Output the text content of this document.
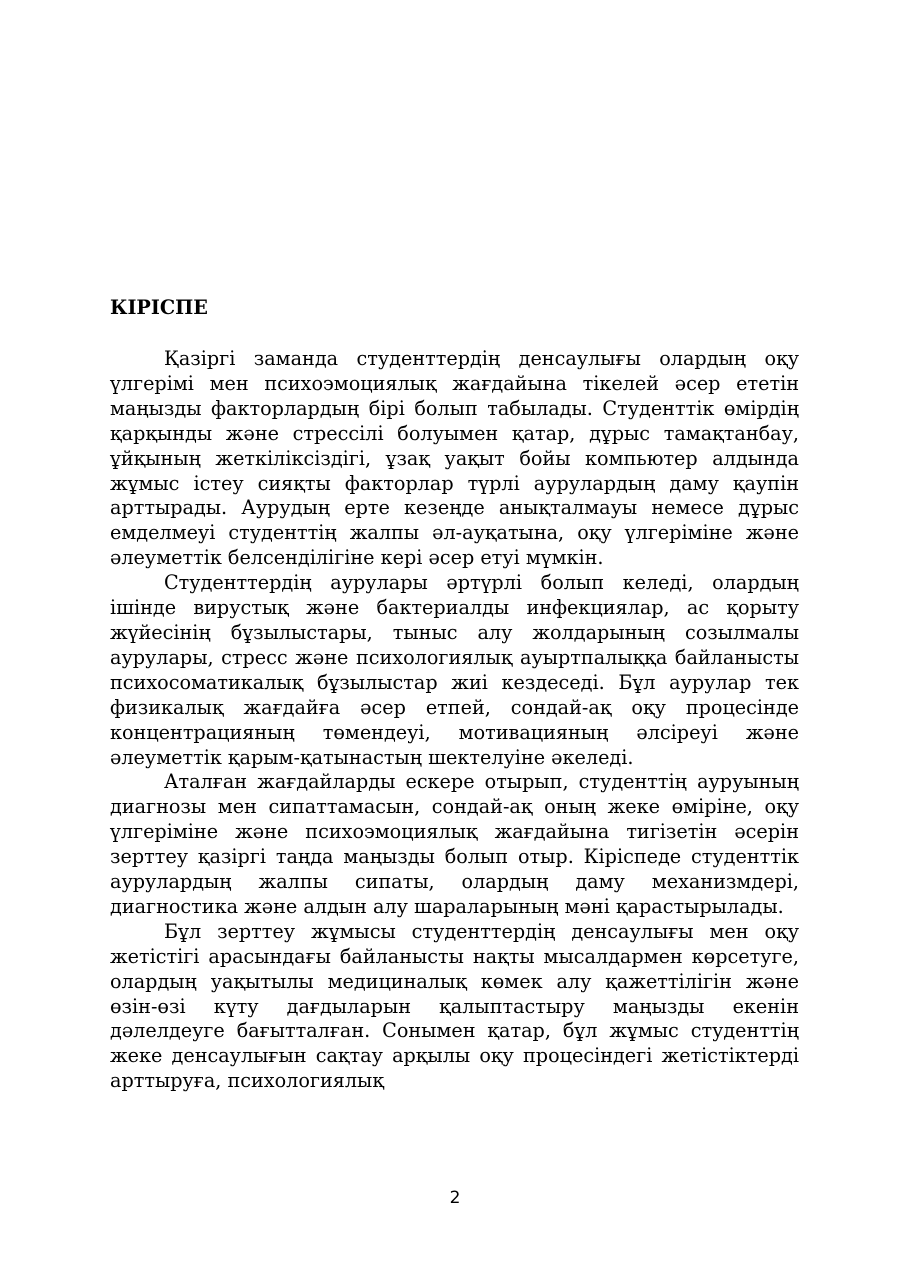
КІРІСПЕ

Қазіргі заманда студенттердің денсаулығы олардың оқу үлгерімі мен психоэмоциялық жағдайына тікелей әсер ететін маңызды факторлардың бірі болып табылады. Студенттік өмірдің қарқынды және стрессілі болуымен қатар, дұрыс тамақтанбау, ұйқының жеткіліксіздігі, ұзақ уақыт бойы компьютер алдында жұмыс істеу сияқты факторлар түрлі аурулардың даму қаупін арттырады. Аурудың ерте кезеңде анықталмауы немесе дұрыс емделмеуі студенттің жалпы әл-ауқатына, оқу үлгеріміне және әлеуметтік белсенділігіне кері әсер етуі мүмкін.

Студенттердің аурулары әртүрлі болып келеді, олардың ішінде вирустық және бактериалды инфекциялар, ас қорыту жүйесінің бұзылыстары, тыныс алу жолдарының созылмалы аурулары, стресс және психологиялық ауыртпалыққа байланысты психосоматикалық бұзылыстар жиі кездеседі. Бұл аурулар тек физикалық жағдайға әсер етпей, сондай-ақ оқу процесінде концентрацияның төмендеуі, мотивацияның әлсіреуі және әлеуметтік қарым-қатынастың шектелуіне әкеледі.

Аталған жағдайларды ескере отырып, студенттің ауруының диагнозы мен сипаттамасын, сондай-ақ оның жеке өміріне, оқу үлгеріміне және психоэмоциялық жағдайына тигізетін әсерін зерттеу қазіргі таңда маңызды болып отыр. Кіріспеде студенттік аурулардың жалпы сипаты, олардың даму механизмдері, диагностика және алдын алу шараларының мәні қарастырылады.

Бұл зерттеу жұмысы студенттердің денсаулығы мен оқу жетістігі арасындағы байланысты нақты мысалдармен көрсетуге, олардың уақытылы медициналық көмек алу қажеттілігін және өзін-өзі күту дағдыларын қалыптастыру маңызды екенін дәлелдеуге бағытталған. Сонымен қатар, бұл жұмыс студенттің жеке денсаулығын сақтау арқылы оқу процесіндегі жетістіктерді арттыруға, психологиялық

2
